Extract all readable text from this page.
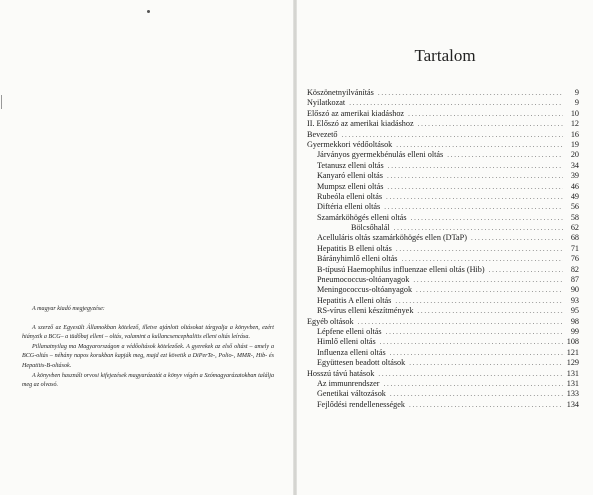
A magyar kiadó megjegyzése:

A szerző az Egyesült Államokban kötelező, illetve ajánlott oltásokat tárgyalja a könyvben, ezért hiányzik a BCG– a tüdőbaj elleni – oltás, valamint a kullancsencephalitis elleni oltás leírása.

Pillanatnyilag ma Magyarországon a védőoltások kötelezőek. A gyerekek az első oltást – amely a BCG-oltás – néhány napos korukban kapják meg, majd ezt követik a DiPerTe-, Polio-, MMR-, Hib- és Hepatitis-B-oltások.

A könyvben használt orvosi kifejezések magyarázatát a könyv végén a Szómagyarázatokban találja meg az olvasó.

Tartalom
Köszönetnyilvánítás . . .	9
Nyilatkozat . . .	9
Előszó az amerikai kiadáshoz . . .	10
II. Előszó az amerikai kiadáshoz . . .	12
Bevezető . . .	16
Gyermekkori védőoltások . . .	19
Járványos gyermekbénulás elleni oltás . . .	20
Tetanusz elleni oltás . . .	34
Kanyaró elleni oltás . . .	39
Mumpsz elleni oltás . . .	46
Rubeóla elleni oltás . . .	49
Diftéria elleni oltás . . .	56
Szamárköhögés elleni oltás . . .	58
Bölcsőhalál . . .	62
Acelluláris oltás szamárköhögés ellen (DTaP) . . .	68
Hepatitis B elleni oltás . . .	71
Bárányhimlő elleni oltás . . .	76
B-típusú Haemophilus influenzae elleni oltás (Hib) . . .	82
Pneumococcus-oltóanyagok . . .	87
Meningococcus-oltóanyagok . . .	90
Hepatitis A elleni oltás . . .	93
RS-vírus elleni készítmények . . .	95
Egyéb oltások . . .	98
Lépfene elleni oltás . . .	99
Himlő elleni oltás . . .	108
Influenza elleni oltás . . .	121
Együttesen beadott oltások . . .	129
Hosszú távú hatások . . .	131
Az immunrendszer . . .	131
Genetikai változások . . .	133
Fejlődési rendellenességek . . .	134
